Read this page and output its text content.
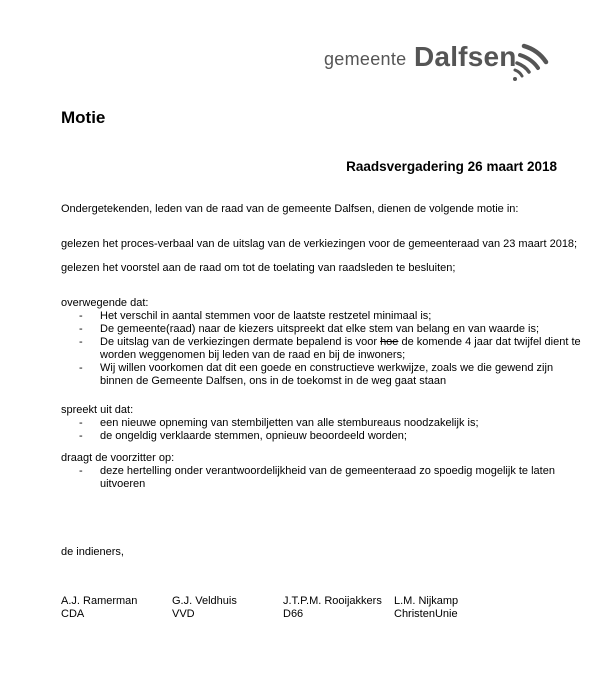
gemeente Dalfsen
Motie
Raadsvergadering 26 maart 2018
Ondergetekenden, leden van de raad van de gemeente Dalfsen, dienen de volgende motie in:
gelezen het proces-verbaal van de uitslag van de verkiezingen voor de gemeenteraad van 23 maart 2018;
gelezen het voorstel aan de raad om tot de toelating van raadsleden te besluiten;
overwegende dat:
- Het verschil in aantal stemmen voor de laatste restzetel minimaal is;
- De gemeente(raad) naar de kiezers uitspreekt dat elke stem van belang en van waarde is;
- De uitslag van de verkiezingen dermate bepalend is voor hoe de komende 4 jaar dat twijfel dient te
worden weggenomen bij leden van de raad en bij de inwoners;
- Wij willen voorkomen dat dit een goede en constructieve werkwijze, zoals we die gewend zijn
binnen de Gemeente Dalfsen, ons in de toekomst in de weg gaat staan
spreekt uit dat:
- een nieuwe opneming van stembiljetten van alle stembureaus noodzakelijk is;
- de ongeldig verklaarde stemmen, opnieuw beoordeeld worden;
draagt de voorzitter op:
- deze hertelling onder verantwoordelijkheid van de gemeenteraad zo spoedig mogelijk te laten
uitvoeren
de indieners,
A.J. Ramerman
CDA
G.J. Veldhuis
VVD
J.T.P.M. Rooijakkers
D66
L.M. Nijkamp
ChristenUnie
